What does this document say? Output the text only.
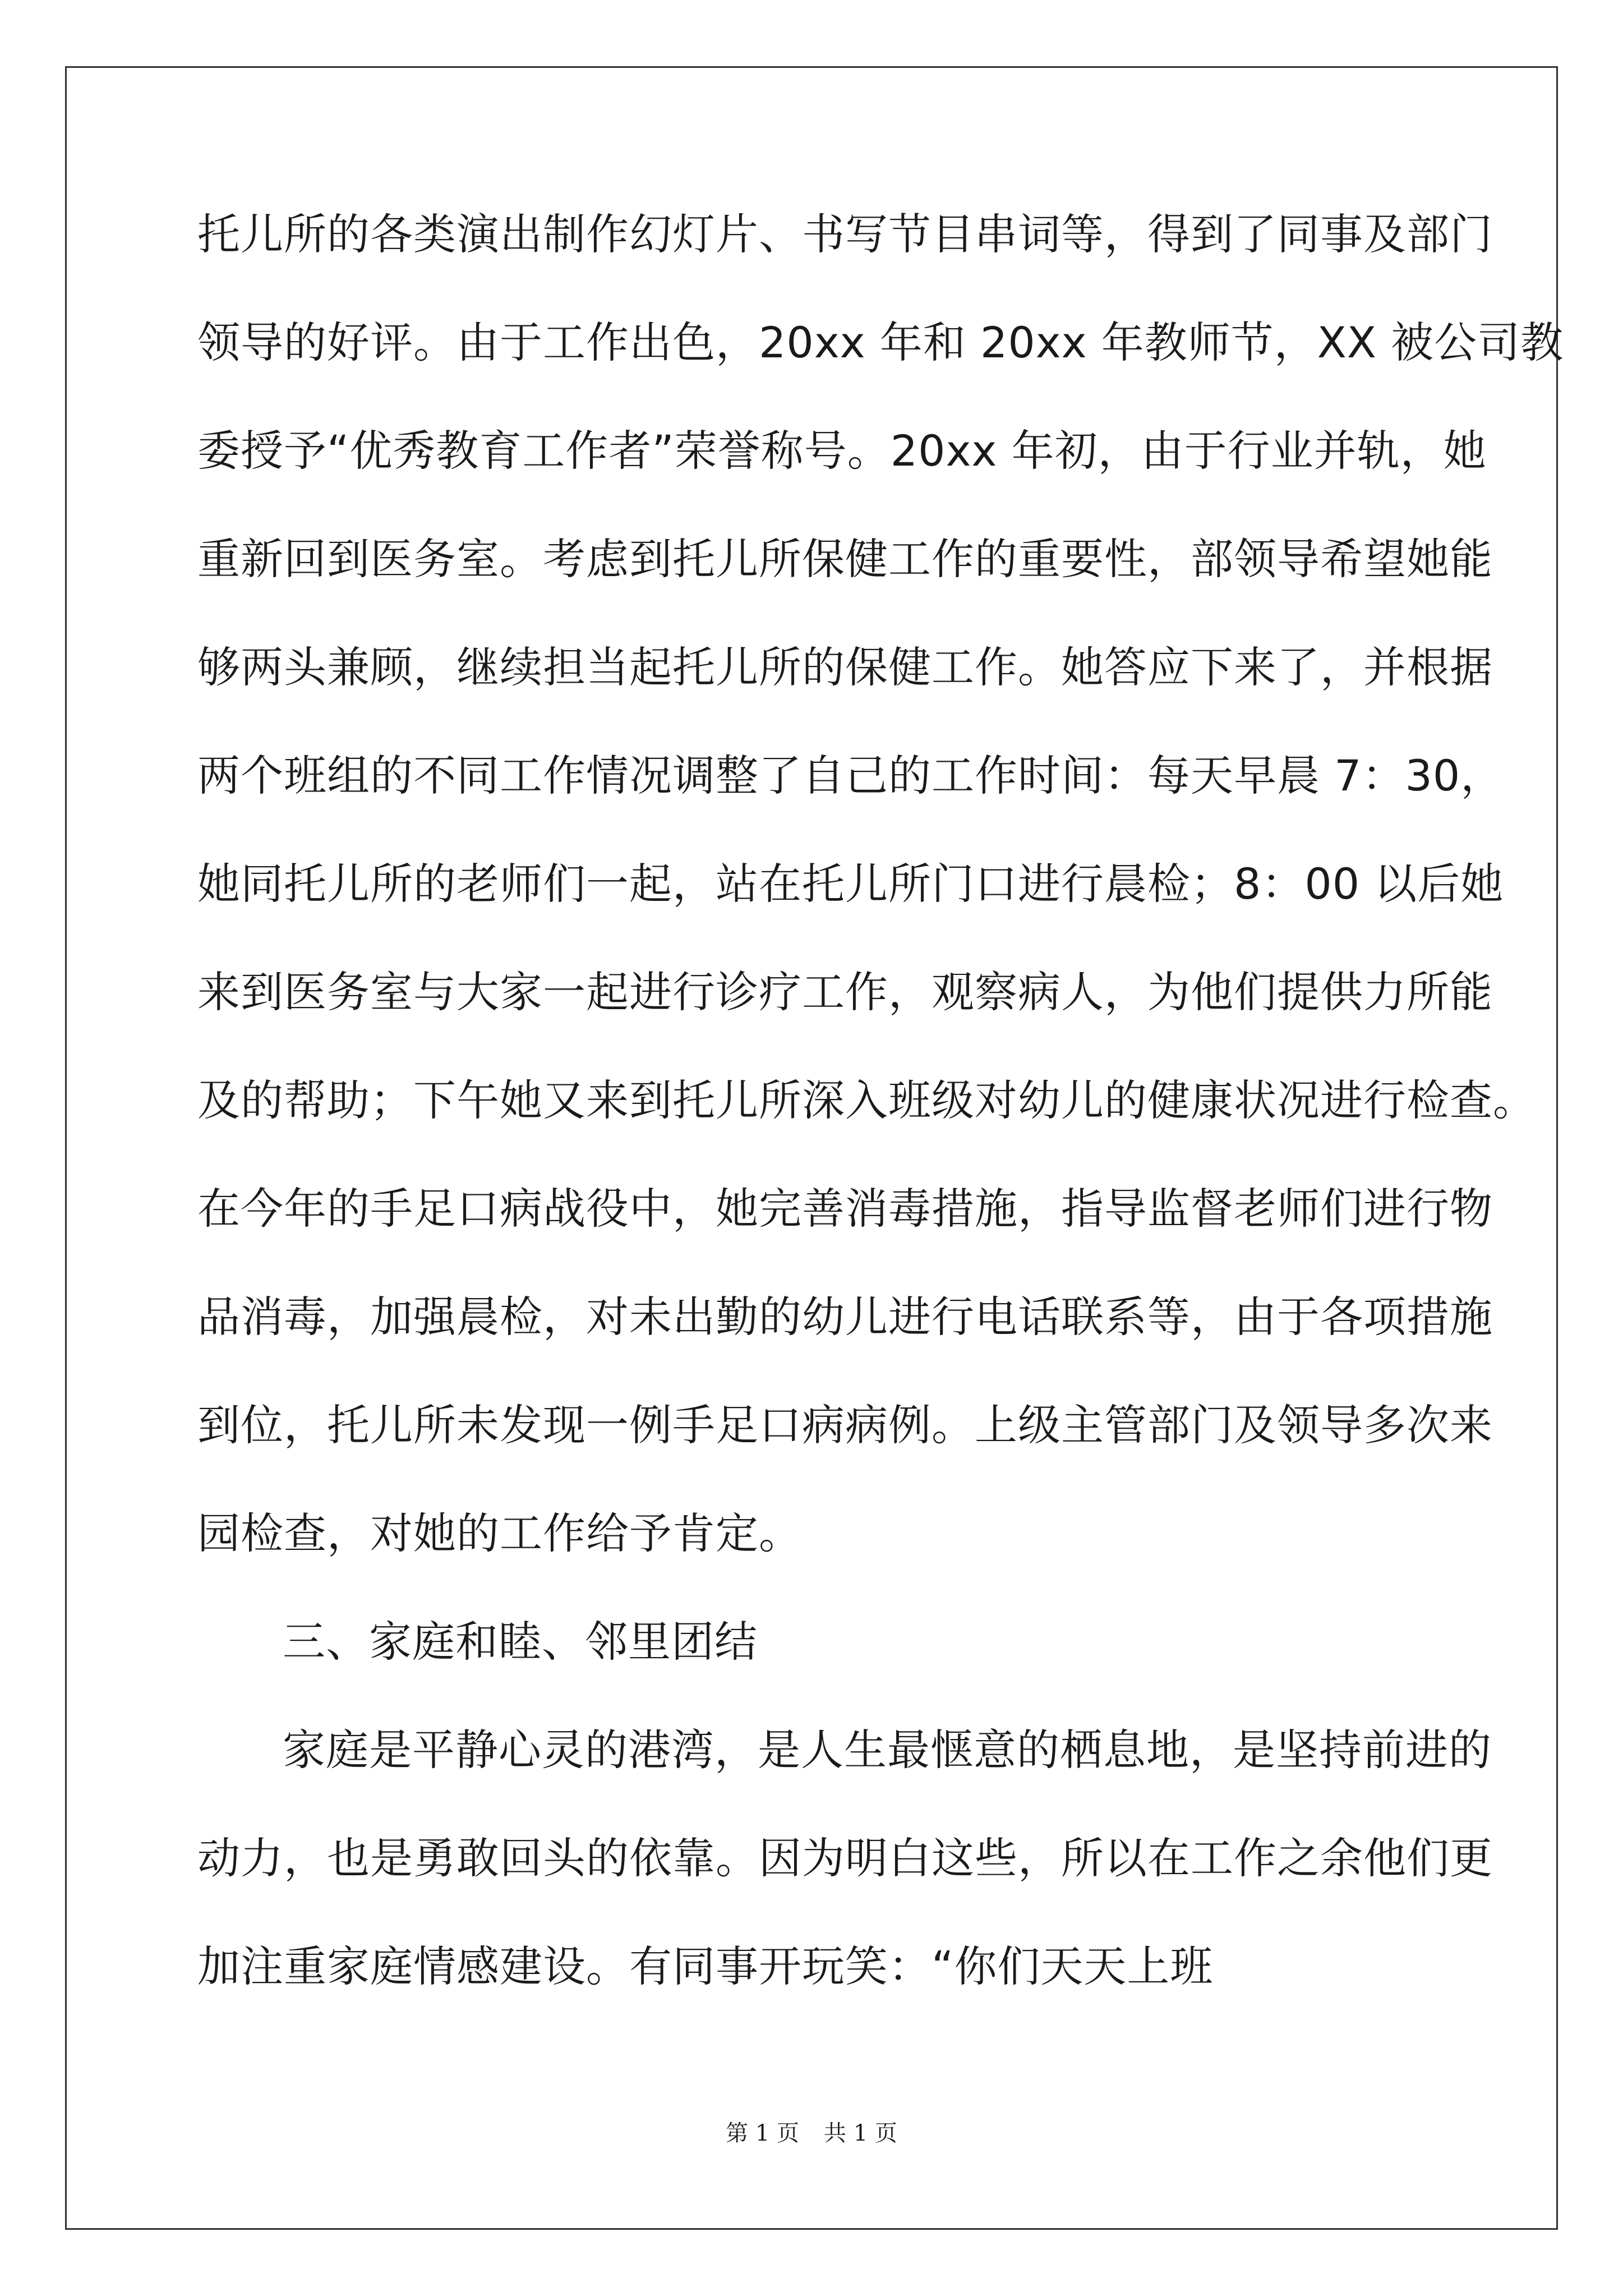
托儿所的各类演出制作幻灯片、书写节目串词等，得到了同事及部门
领导的好评。由于工作出色，20xx 年和 20xx 年教师节，XX 被公司教
委授予“优秀教育工作者”荣誉称号。20xx 年初，由于行业并轨，她
重新回到医务室。考虑到托儿所保健工作的重要性，部领导希望她能
够两头兼顾，继续担当起托儿所的保健工作。她答应下来了，并根据
两个班组的不同工作情况调整了自己的工作时间：每天早晨 7：30，
她同托儿所的老师们一起，站在托儿所门口进行晨检；8：00 以后她
来到医务室与大家一起进行诊疗工作，观察病人，为他们提供力所能
及的帮助；下午她又来到托儿所深入班级对幼儿的健康状况进行检查。
在今年的手足口病战役中，她完善消毒措施，指导监督老师们进行物
品消毒，加强晨检，对未出勤的幼儿进行电话联系等，由于各项措施
到位，托儿所未发现一例手足口病病例。上级主管部门及领导多次来
园检查，对她的工作给予肯定。
三、家庭和睦、邻里团结
家庭是平静心灵的港湾，是人生最惬意的栖息地，是坚持前进的
动力，也是勇敢回头的依靠。因为明白这些，所以在工作之余他们更
加注重家庭情感建设。有同事开玩笑：“你们天天上班
第 1 页 共 1 页
